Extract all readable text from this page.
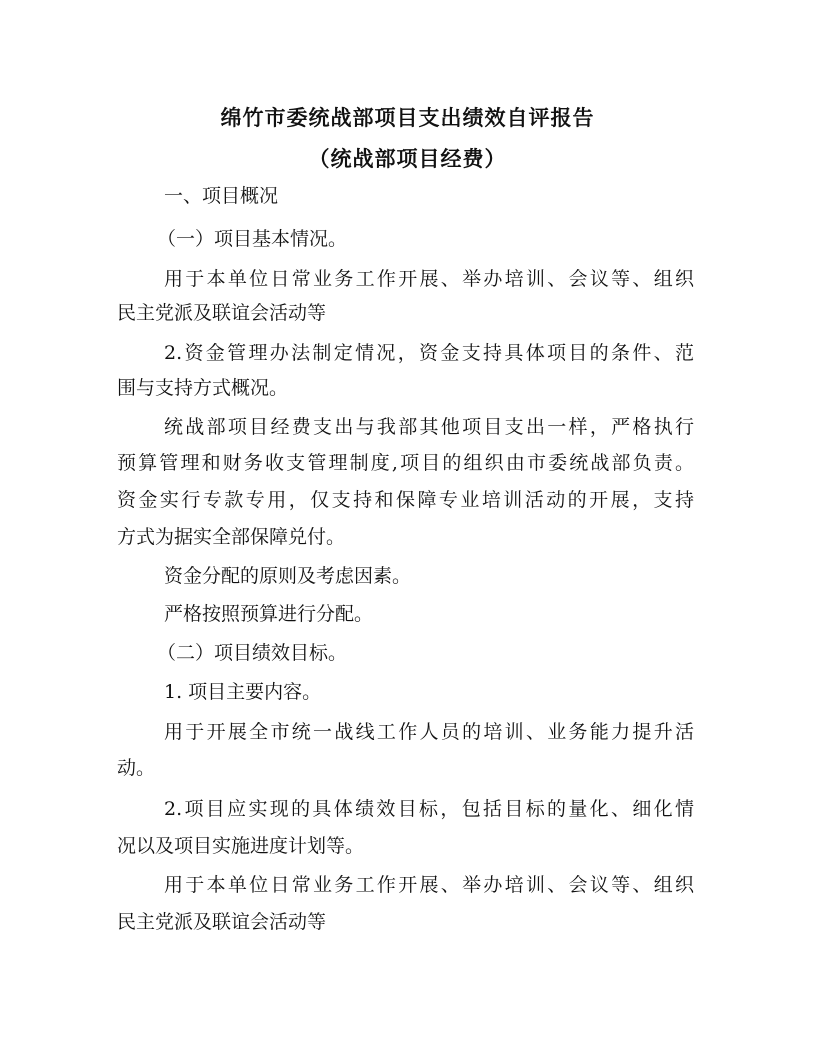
绵竹市委统战部项目支出绩效自评报告
（统战部项目经费）
一、项目概况
（一）项目基本情况。
用于本单位日常业务工作开展、举办培训、会议等、组织
民主党派及联谊会活动等
2.资金管理办法制定情况，资金支持具体项目的条件、范
围与支持方式概况。
统战部项目经费支出与我部其他项目支出一样，严格执行
预算管理和财务收支管理制度,项目的组织由市委统战部负责。
资金实行专款专用，仅支持和保障专业培训活动的开展，支持
方式为据实全部保障兑付。
资金分配的原则及考虑因素。
严格按照预算进行分配。
（二）项目绩效目标。
1. 项目主要内容。
用于开展全市统一战线工作人员的培训、业务能力提升活
动。
2.项目应实现的具体绩效目标，包括目标的量化、细化情
况以及项目实施进度计划等。
用于本单位日常业务工作开展、举办培训、会议等、组织
民主党派及联谊会活动等
